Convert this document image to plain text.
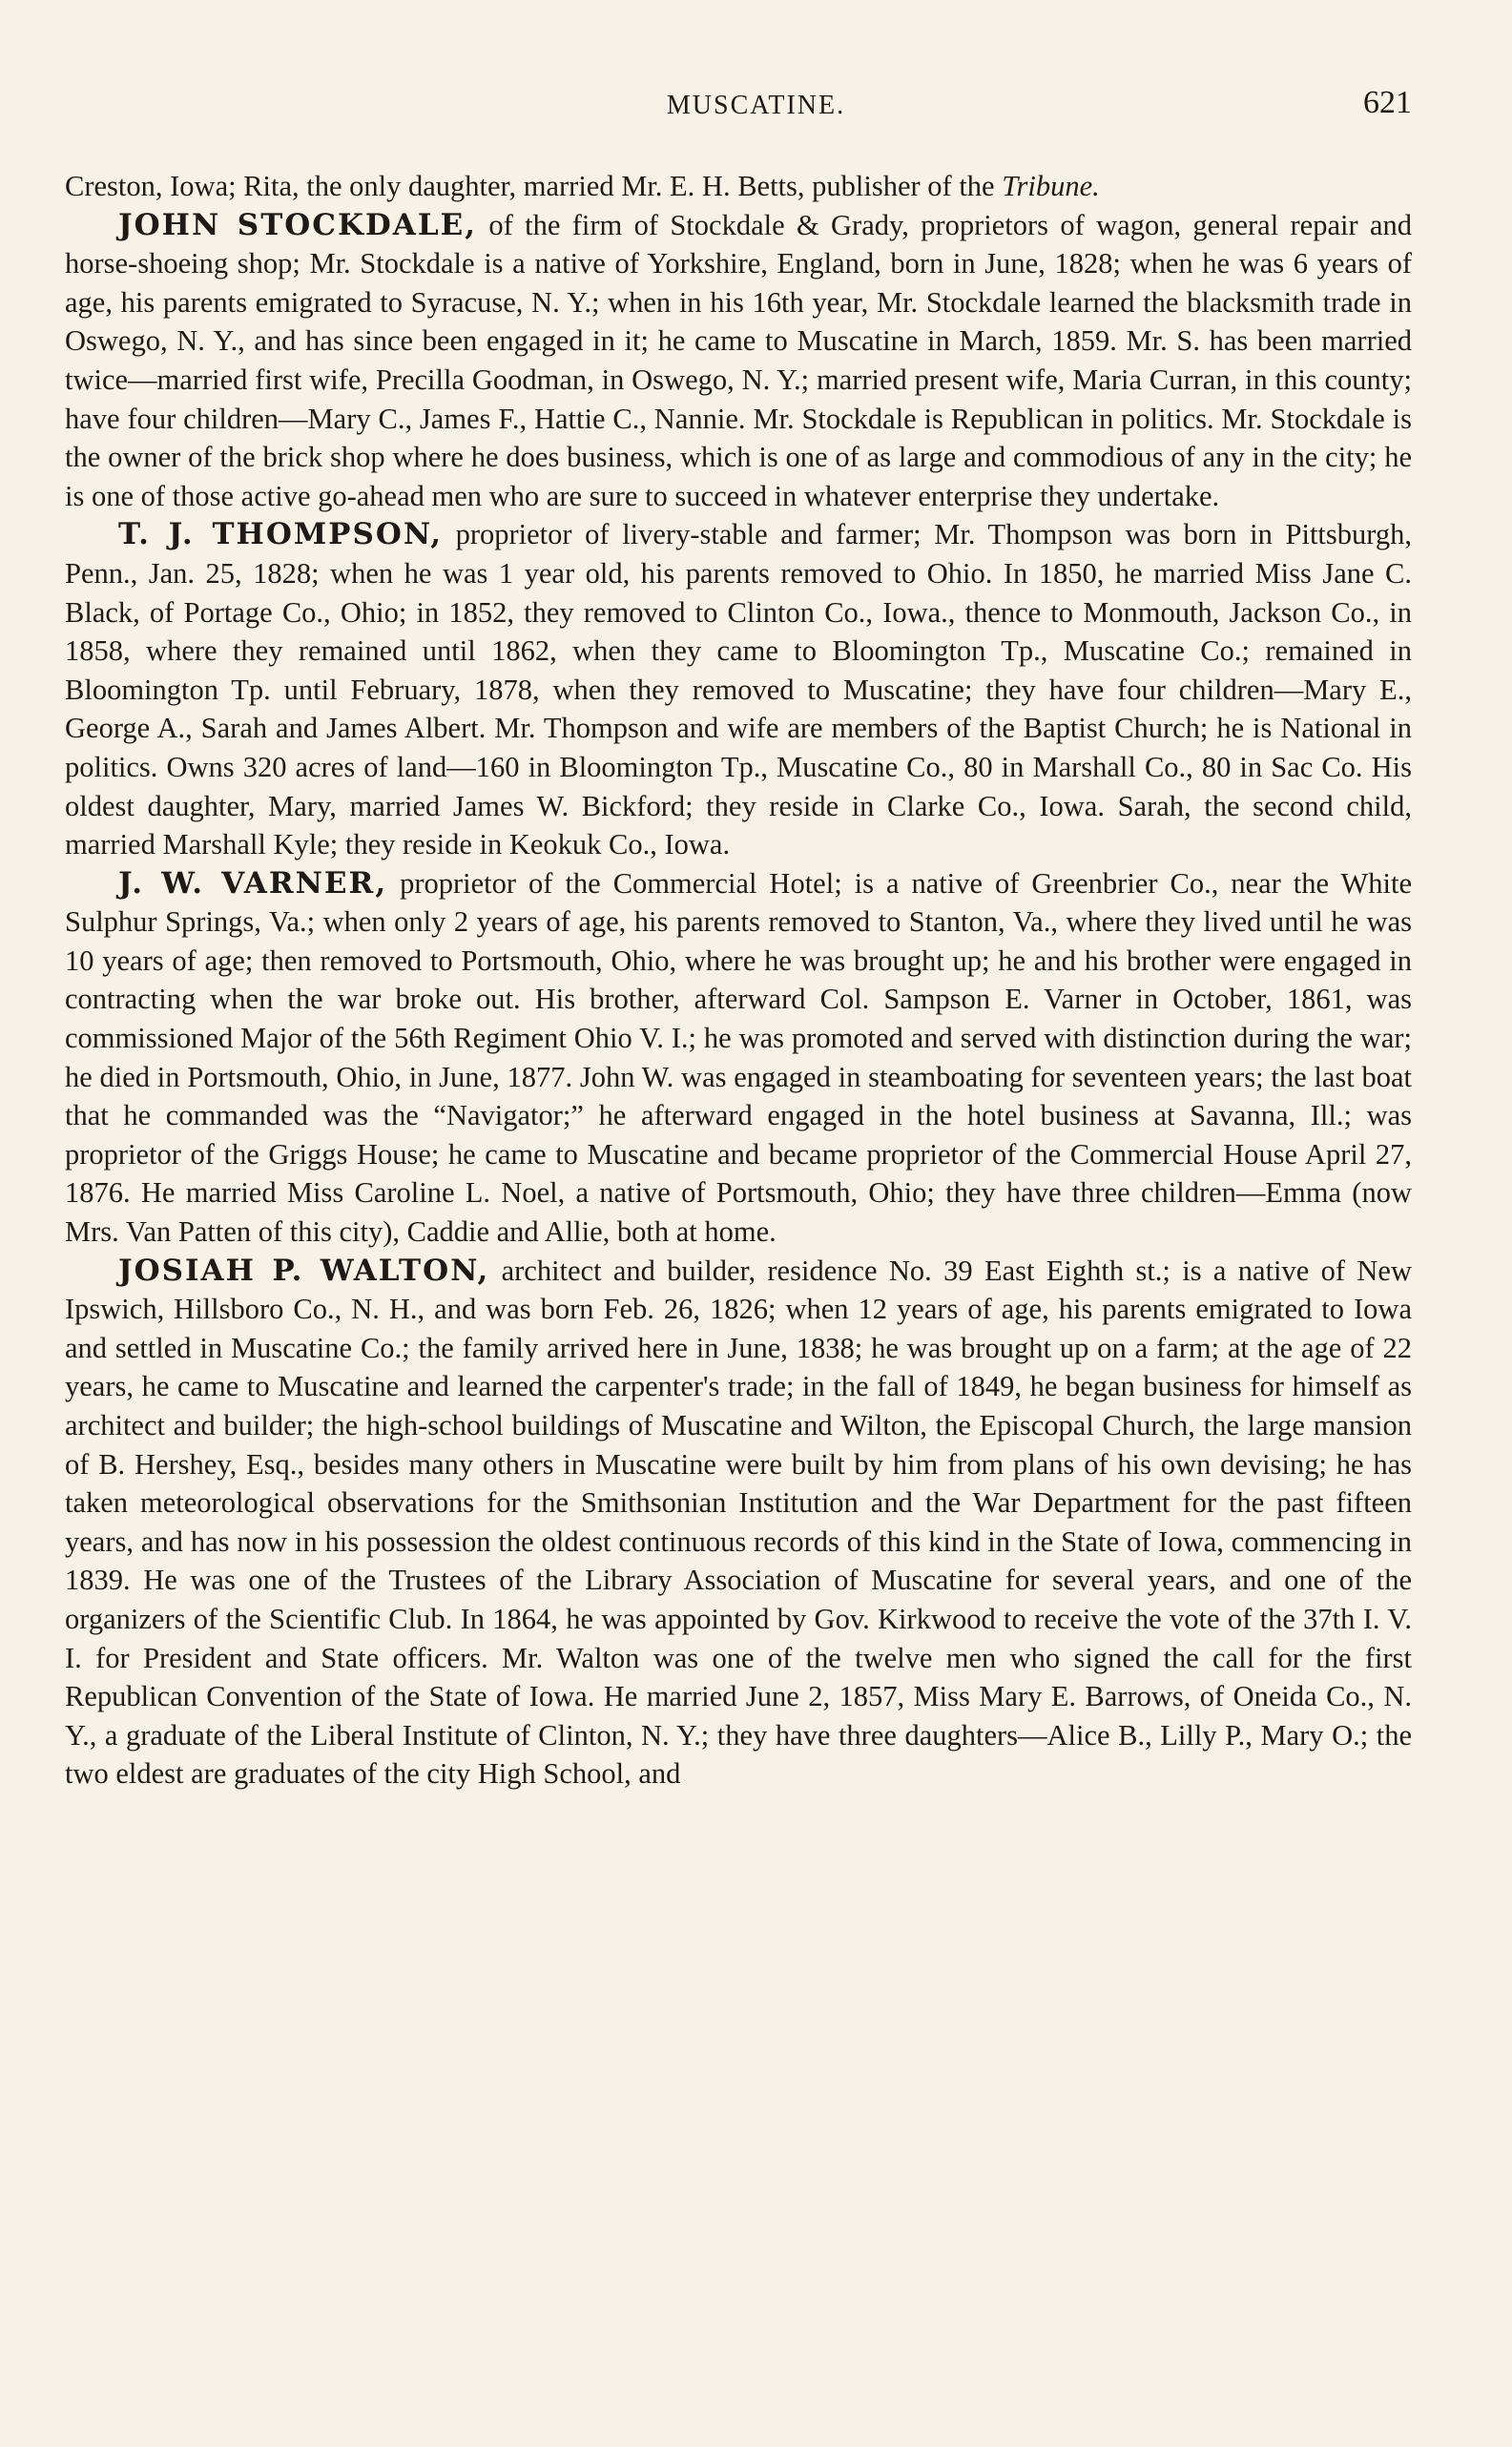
MUSCATINE.	621

Creston, Iowa; Rita, the only daughter, married Mr. E. H. Betts, publisher of the Tribune.

JOHN STOCKDALE, of the firm of Stockdale & Grady, proprietors of wagon, general repair and horse-shoeing shop; Mr. Stockdale is a native of Yorkshire, England, born in June, 1828; when he was 6 years of age, his parents emigrated to Syracuse, N. Y.; when in his 16th year, Mr. Stockdale learned the blacksmith trade in Oswego, N. Y., and has since been engaged in it; he came to Muscatine in March, 1859. Mr. S. has been married twice—married first wife, Precilla Goodman, in Oswego, N. Y.; married present wife, Maria Curran, in this county; have four children—Mary C., James F., Hattie C., Nannie. Mr. Stockdale is Republican in politics. Mr. Stockdale is the owner of the brick shop where he does business, which is one of as large and commodious of any in the city; he is one of those active go-ahead men who are sure to succeed in whatever enterprise they undertake.

T. J. THOMPSON, proprietor of livery-stable and farmer; Mr. Thompson was born in Pittsburgh, Penn., Jan. 25, 1828; when he was 1 year old, his parents removed to Ohio. In 1850, he married Miss Jane C. Black, of Portage Co., Ohio; in 1852, they removed to Clinton Co., Iowa., thence to Monmouth, Jackson Co., in 1858, where they remained until 1862, when they came to Bloomington Tp., Muscatine Co.; remained in Bloomington Tp. until February, 1878, when they removed to Muscatine; they have four children—Mary E., George A., Sarah and James Albert. Mr. Thompson and wife are members of the Baptist Church; he is National in politics. Owns 320 acres of land—160 in Bloomington Tp., Muscatine Co., 80 in Marshall Co., 80 in Sac Co. His oldest daughter, Mary, married James W. Bickford; they reside in Clarke Co., Iowa. Sarah, the second child, married Marshall Kyle; they reside in Keokuk Co., Iowa.

J. W. VARNER, proprietor of the Commercial Hotel; is a native of Greenbrier Co., near the White Sulphur Springs, Va.; when only 2 years of age, his parents removed to Stanton, Va., where they lived until he was 10 years of age; then removed to Portsmouth, Ohio, where he was brought up; he and his brother were engaged in contracting when the war broke out. His brother, afterward Col. Sampson E. Varner in October, 1861, was commissioned Major of the 56th Regiment Ohio V. I.; he was promoted and served with distinction during the war; he died in Portsmouth, Ohio, in June, 1877. John W. was engaged in steamboating for seventeen years; the last boat that he commanded was the “Navigator;” he afterward engaged in the hotel business at Savanna, Ill.; was proprietor of the Griggs House; he came to Muscatine and became proprietor of the Commercial House April 27, 1876. He married Miss Caroline L. Noel, a native of Portsmouth, Ohio; they have three children—Emma (now Mrs. Van Patten of this city), Caddie and Allie, both at home.

JOSIAH P. WALTON, architect and builder, residence No. 39 East Eighth st.; is a native of New Ipswich, Hillsboro Co., N. H., and was born Feb. 26, 1826; when 12 years of age, his parents emigrated to Iowa and settled in Muscatine Co.; the family arrived here in June, 1838; he was brought up on a farm; at the age of 22 years, he came to Muscatine and learned the carpenter's trade; in the fall of 1849, he began business for himself as architect and builder; the high-school buildings of Muscatine and Wilton, the Episcopal Church, the large mansion of B. Hershey, Esq., besides many others in Muscatine were built by him from plans of his own devising; he has taken meteorological observations for the Smithsonian Institution and the War Department for the past fifteen years, and has now in his possession the oldest continuous records of this kind in the State of Iowa, commencing in 1839. He was one of the Trustees of the Library Association of Muscatine for several years, and one of the organizers of the Scientific Club. In 1864, he was appointed by Gov. Kirkwood to receive the vote of the 37th I. V. I. for President and State officers. Mr. Walton was one of the twelve men who signed the call for the first Republican Convention of the State of Iowa. He married June 2, 1857, Miss Mary E. Barrows, of Oneida Co., N. Y., a graduate of the Liberal Institute of Clinton, N. Y.; they have three daughters—Alice B., Lilly P., Mary O.; the two eldest are graduates of the city High School, and
